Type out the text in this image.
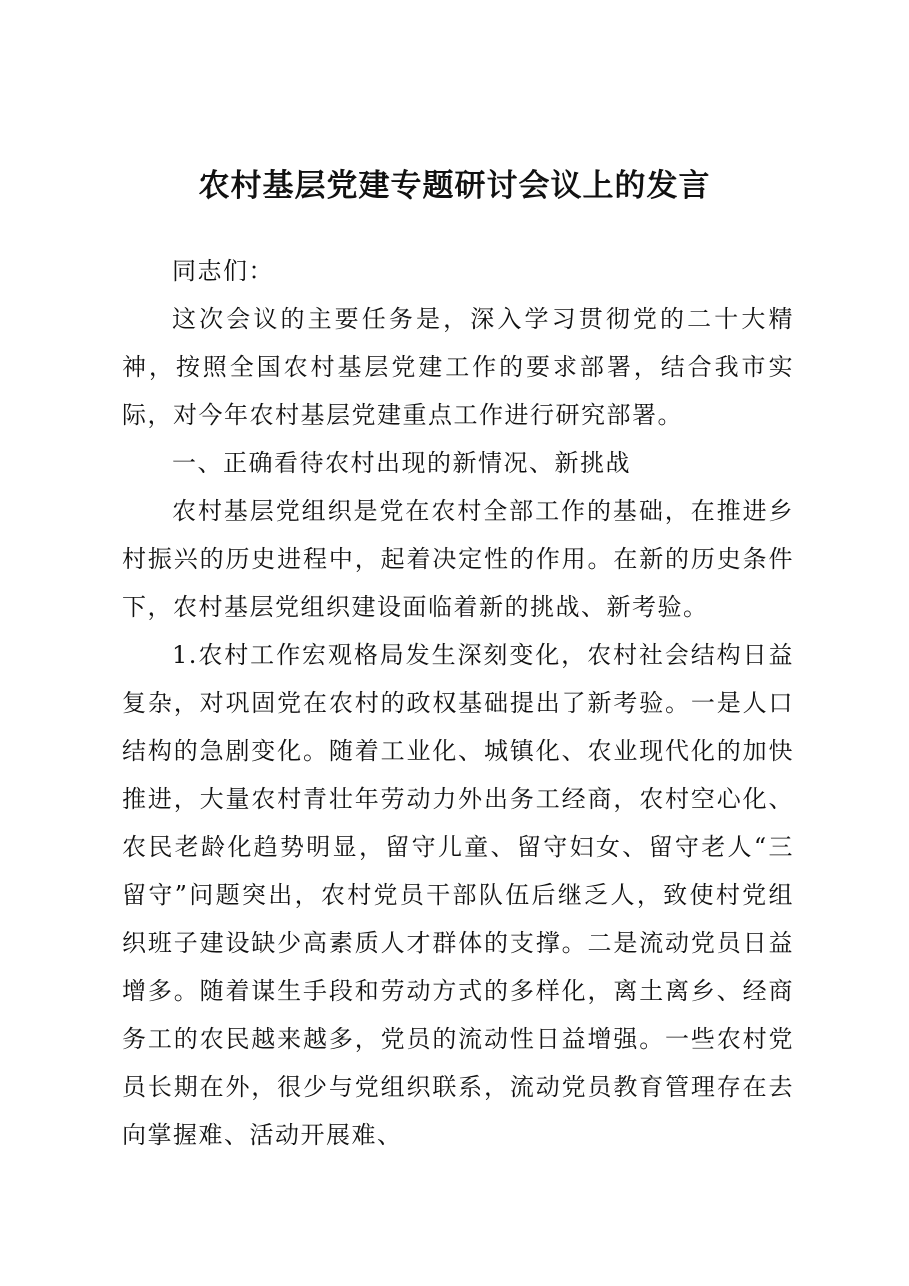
农村基层党建专题研讨会议上的发言
同志们：
这次会议的主要任务是，深入学习贯彻党的二十大精神，按照全国农村基层党建工作的要求部署，结合我市实际，对今年农村基层党建重点工作进行研究部署。
一、正确看待农村出现的新情况、新挑战
农村基层党组织是党在农村全部工作的基础，在推进乡村振兴的历史进程中，起着决定性的作用。在新的历史条件下，农村基层党组织建设面临着新的挑战、新考验。
1.农村工作宏观格局发生深刻变化，农村社会结构日益复杂，对巩固党在农村的政权基础提出了新考验。一是人口结构的急剧变化。随着工业化、城镇化、农业现代化的加快推进，大量农村青壮年劳动力外出务工经商，农村空心化、农民老龄化趋势明显，留守儿童、留守妇女、留守老人“三留守”问题突出，农村党员干部队伍后继乏人，致使村党组织班子建设缺少高素质人才群体的支撑。二是流动党员日益增多。随着谋生手段和劳动方式的多样化，离土离乡、经商务工的农民越来越多，党员的流动性日益增强。一些农村党员长期在外，很少与党组织联系，流动党员教育管理存在去向掌握难、活动开展难、
